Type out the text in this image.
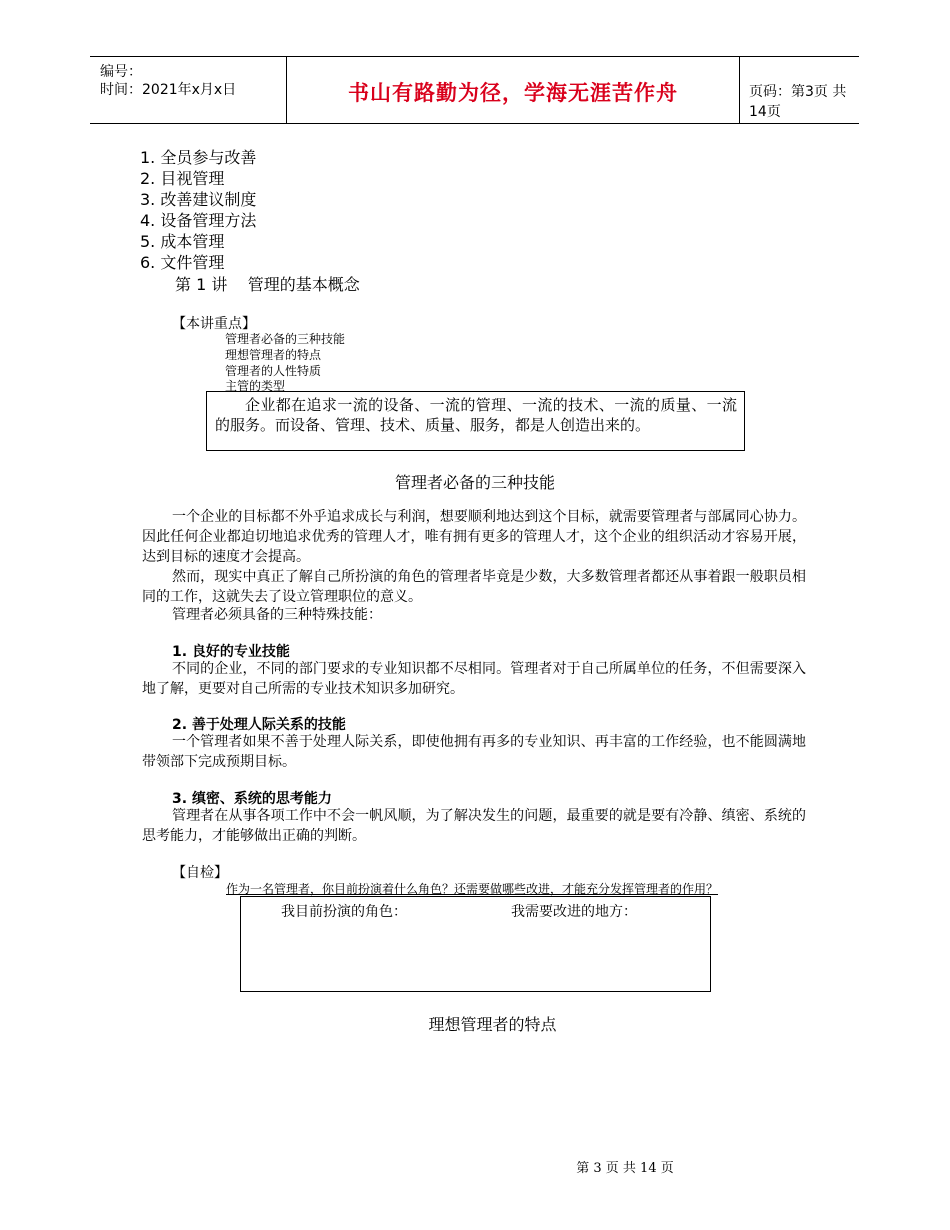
编号：
时间：2021年x月x日	书山有路勤为径，学海无涯苦作舟	页码：第3页 共14页
1. 全员参与改善
2. 目视管理
3. 改善建议制度
4. 设备管理方法
5. 成本管理
6. 文件管理
第 1 讲    管理的基本概念
【本讲重点】
管理者必备的三种技能
理想管理者的特点
管理者的人性特质
主管的类型
企业都在追求一流的设备、一流的管理、一流的技术、一流的质量、一流的服务。而设备、管理、技术、质量、服务，都是人创造出来的。
管理者必备的三种技能
一个企业的目标都不外乎追求成长与利润，想要顺利地达到这个目标，就需要管理者与部属同心协力。因此任何企业都迫切地追求优秀的管理人才，唯有拥有更多的管理人才，这个企业的组织活动才容易开展，达到目标的速度才会提高。
然而，现实中真正了解自己所扮演的角色的管理者毕竟是少数，大多数管理者都还从事着跟一般职员相同的工作，这就失去了设立管理职位的意义。
管理者必须具备的三种特殊技能：
1. 良好的专业技能
不同的企业，不同的部门要求的专业知识都不尽相同。管理者对于自己所属单位的任务，不但需要深入地了解，更要对自己所需的专业技术知识多加研究。
2. 善于处理人际关系的技能
一个管理者如果不善于处理人际关系，即使他拥有再多的专业知识、再丰富的工作经验，也不能圆满地带领部下完成预期目标。
3. 缜密、系统的思考能力
管理者在从事各项工作中不会一帆风顺，为了解决发生的问题，最重要的就是要有冷静、缜密、系统的思考能力，才能够做出正确的判断。
【自检】
作为一名管理者，你目前扮演着什么角色？还需要做哪些改进，才能充分发挥管理者的作用？
我目前扮演的角色：	我需要改进的地方：
理想管理者的特点
第 3 页 共 14 页
